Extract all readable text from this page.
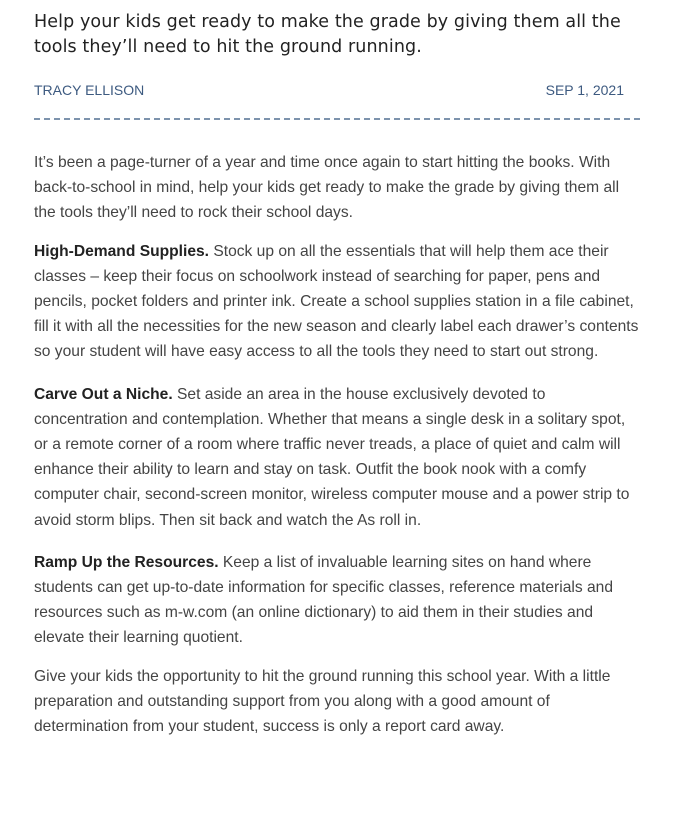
Help your kids get ready to make the grade by giving them all the tools they’ll need to hit the ground running.
TRACY ELLISON	SEP 1, 2021

It’s been a page-turner of a year and time once again to start hitting the books. With back-to-school in mind, help your kids get ready to make the grade by giving them all the tools they’ll need to rock their school days.

High-Demand Supplies. Stock up on all the essentials that will help them ace their classes – keep their focus on schoolwork instead of searching for paper, pens and pencils, pocket folders and printer ink. Create a school supplies station in a file cabinet, fill it with all the necessities for the new season and clearly label each drawer’s contents so your student will have easy access to all the tools they need to start out strong.

Carve Out a Niche. Set aside an area in the house exclusively devoted to concentration and contemplation. Whether that means a single desk in a solitary spot, or a remote corner of a room where traffic never treads, a place of quiet and calm will enhance their ability to learn and stay on task. Outfit the book nook with a comfy computer chair, second-screen monitor, wireless computer mouse and a power strip to avoid storm blips. Then sit back and watch the As roll in.

Ramp Up the Resources. Keep a list of invaluable learning sites on hand where students can get up-to-date information for specific classes, reference materials and resources such as m-w.com (an online dictionary) to aid them in their studies and elevate their learning quotient.

Give your kids the opportunity to hit the ground running this school year. With a little preparation and outstanding support from you along with a good amount of determination from your student, success is only a report card away.
